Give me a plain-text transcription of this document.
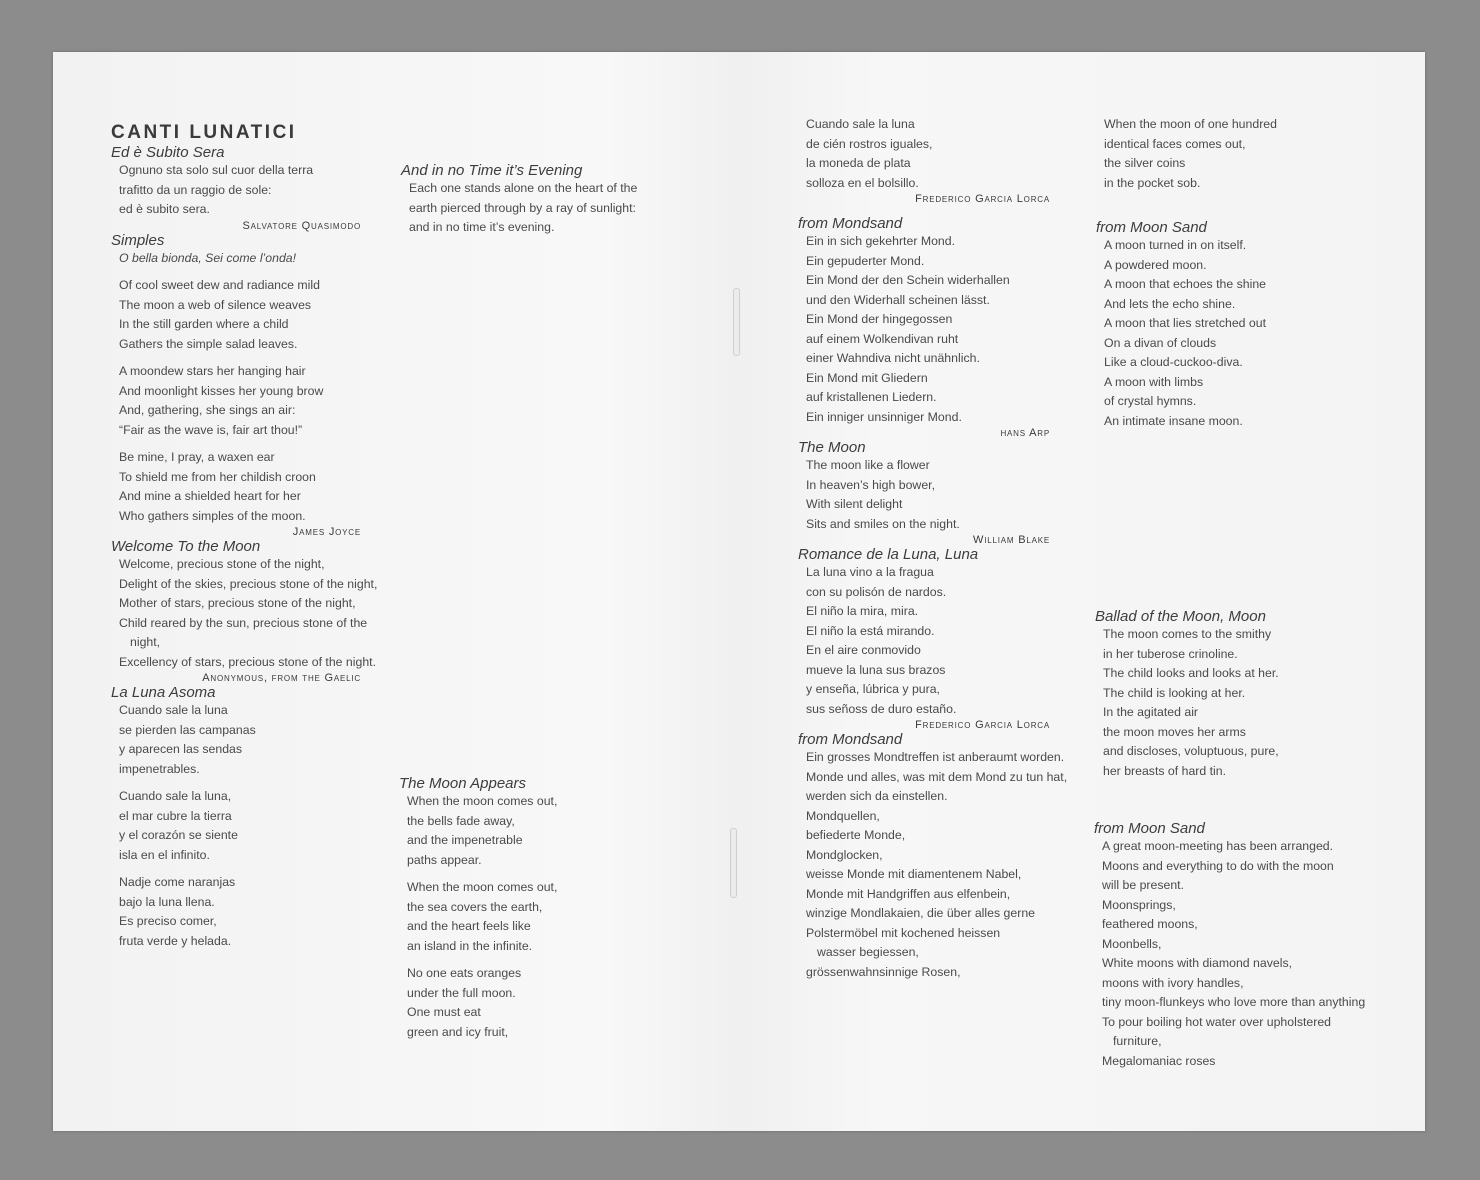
CANTI LUNATICI
Ed è Subito Sera
Ognuno sta solo sul cuor della terra
trafitto da un raggio de sole:
ed è subito sera.
Salvatore Quasimodo
Simples
O bella bionda, Sei come l’onda!
Of cool sweet dew and radiance mild
The moon a web of silence weaves
In the still garden where a child
Gathers the simple salad leaves.
A moondew stars her hanging hair
And moonlight kisses her young brow
And, gathering, she sings an air:
“Fair as the wave is, fair art thou!”
Be mine, I pray, a waxen ear
To shield me from her childish croon
And mine a shielded heart for her
Who gathers simples of the moon.
James Joyce
Welcome To the Moon
Welcome, precious stone of the night,
Delight of the skies, precious stone of the night,
Mother of stars, precious stone of the night,
Child reared by the sun, precious stone of the
night,
Excellency of stars, precious stone of the night.
Anonymous, from the Gaelic
La Luna Asoma
Cuando sale la luna
se pierden las campanas
y aparecen las sendas
impenetrables.
Cuando sale la luna,
el mar cubre la tierra
y el corazón se siente
isla en el infinito.
Nadje come naranjas
bajo la luna llena.
Es preciso comer,
fruta verde y helada.
And in no Time it’s Evening
Each one stands alone on the heart of the
earth pierced through by a ray of sunlight:
and in no time it’s evening.
The Moon Appears
When the moon comes out,
the bells fade away,
and the impenetrable
paths appear.
When the moon comes out,
the sea covers the earth,
and the heart feels like
an island in the infinite.
No one eats oranges
under the full moon.
One must eat
green and icy fruit,
Cuando sale la luna
de cién rostros iguales,
la moneda de plata
solloza en el bolsillo.
Frederico Garcia Lorca
from Mondsand
Ein in sich gekehrter Mond.
Ein gepuderter Mond.
Ein Mond der den Schein widerhallen
und den Widerhall scheinen lässt.
Ein Mond der hingegossen
auf einem Wolkendivan ruht
einer Wahndiva nicht unähnlich.
Ein Mond mit Gliedern
auf kristallenen Liedern.
Ein inniger unsinniger Mond.
hans Arp
The Moon
The moon like a flower
In heaven’s high bower,
With silent delight
Sits and smiles on the night.
William Blake
Romance de la Luna, Luna
La luna vino a la fragua
con su polisón de nardos.
El niño la mira, mira.
El niño la está mirando.
En el aire conmovido
mueve la luna sus brazos
y enseña, lúbrica y pura,
sus señoss de duro estaño.
Frederico Garcia Lorca
from Mondsand
Ein grosses Mondtreffen ist anberaumt worden.
Monde und alles, was mit dem Mond zu tun hat,
werden sich da einstellen.
Mondquellen,
befiederte Monde,
Mondglocken,
weisse Monde mit diamentenem Nabel,
Monde mit Handgriffen aus elfenbein,
winzige Mondlakaien, die über alles gerne
Polstermöbel mit kochened heissen
wasser begiessen,
grössenwahnsinnige Rosen,
When the moon of one hundred
identical faces comes out,
the silver coins
in the pocket sob.
from Moon Sand
A moon turned in on itself.
A powdered moon.
A moon that echoes the shine
And lets the echo shine.
A moon that lies stretched out
On a divan of clouds
Like a cloud-cuckoo-diva.
A moon with limbs
of crystal hymns.
An intimate insane moon.
Ballad of the Moon, Moon
The moon comes to the smithy
in her tuberose crinoline.
The child looks and looks at her.
The child is looking at her.
In the agitated air
the moon moves her arms
and discloses, voluptuous, pure,
her breasts of hard tin.
from Moon Sand
A great moon-meeting has been arranged.
Moons and everything to do with the moon
will be present.
Moonsprings,
feathered moons,
Moonbells,
White moons with diamond navels,
moons with ivory handles,
tiny moon-flunkeys who love more than anything
To pour boiling hot water over upholstered
furniture,
Megalomaniac roses
